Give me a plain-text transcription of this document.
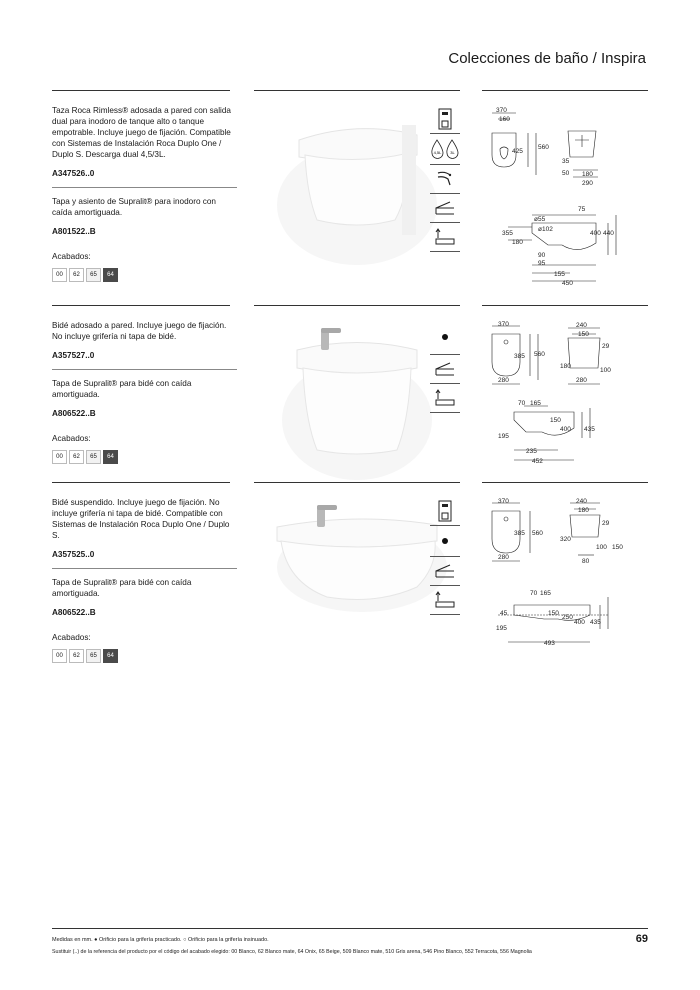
Colecciones de baño / Inspira
Taza Roca Rimless® adosada a pared con salida dual para inodoro de tanque alto o tanque empotrable. Incluye juego de fijación. Compatible con Sistemas de Instalación Roca Duplo One / Duplo S. Descarga dual 4,5/3L.
A347526..0
Tapa y asiento de Supralit® para inodoro con caída amortiguada.
A801522..B
Acabados:
00	62	65	64
4,5L 3L
370
160
425
560
35
50 180
290
75
ø55
ø102
355
180
400 440
90
95
155
450
Bidé adosado a pared. Incluye juego de fijación. No incluye grifería ni tapa de bidé.
A357527..0
Tapa de Supralit® para bidé con caída amortiguada.
A806522..B
Acabados:
00	62	65	64
370
385 560
280
240
150
29
180
100
280
70 165
150
400 435
195
235
452
Bidé suspendido. Incluye juego de fijación. No incluye grifería ni tapa de bidé. Compatible con Sistemas de Instalación Roca Duplo One / Duplo S.
A357525..0
Tapa de Supralit® para bidé con caída amortiguada.
A806522..B
Acabados:
00	62	65	64
370
385 560
280
240
180
29
320
100 150
80
70 165
45	150
250
400 435
195
493
Medidas en mm. ● Orificio para la grifería practicado. ○ Orificio para la grifería insinuado.
Sustituir (..) de la referencia del producto por el código del acabado elegido: 00 Blanco, 62 Blanco mate, 64 Onix, 65 Beige, 509 Blanco mate, 510 Gris arena, 546 Pino Blanco, 552 Terracota, 556 Magnolia
69
